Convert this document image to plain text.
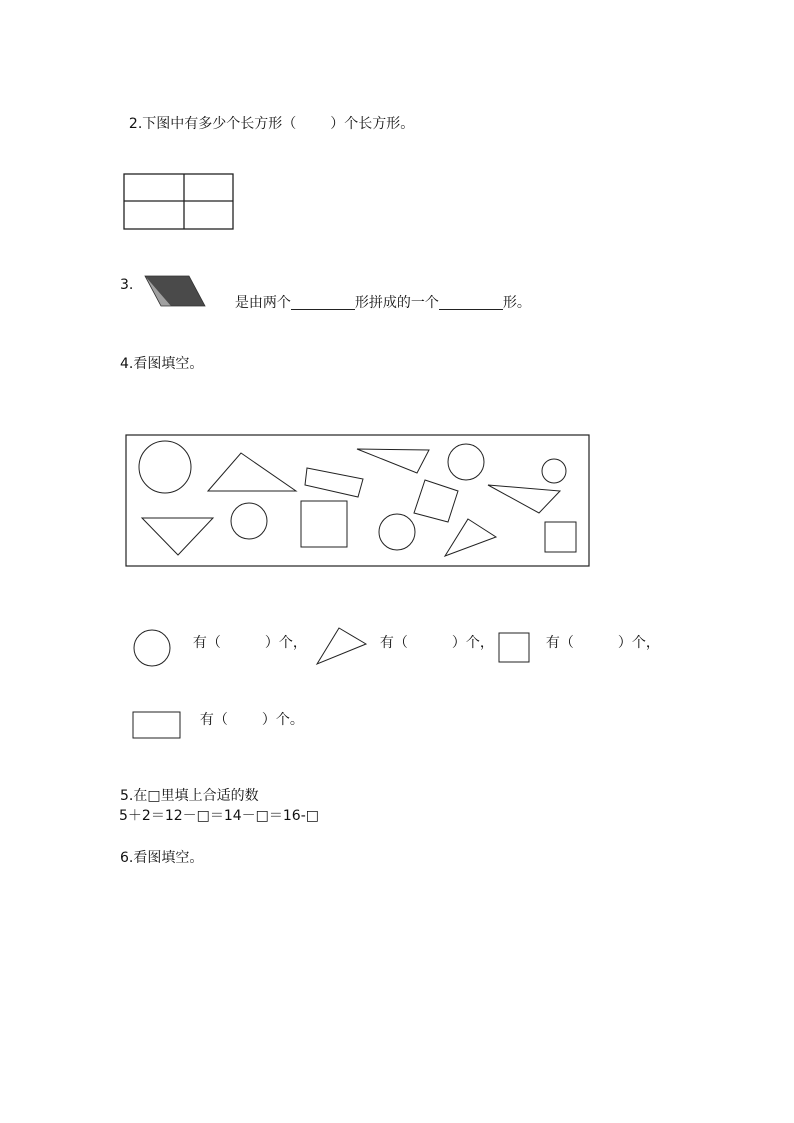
2.下图中有多少个长方形（ ）个长方形。

3.

是由两个	形拼成的一个	形。

4.看图填空。

有（	）个，	有（	）个，	有（	）个，

有（ ）个。

5.在□里填上合适的数
5＋2＝12－□＝14－□＝16-□
6.看图填空。
